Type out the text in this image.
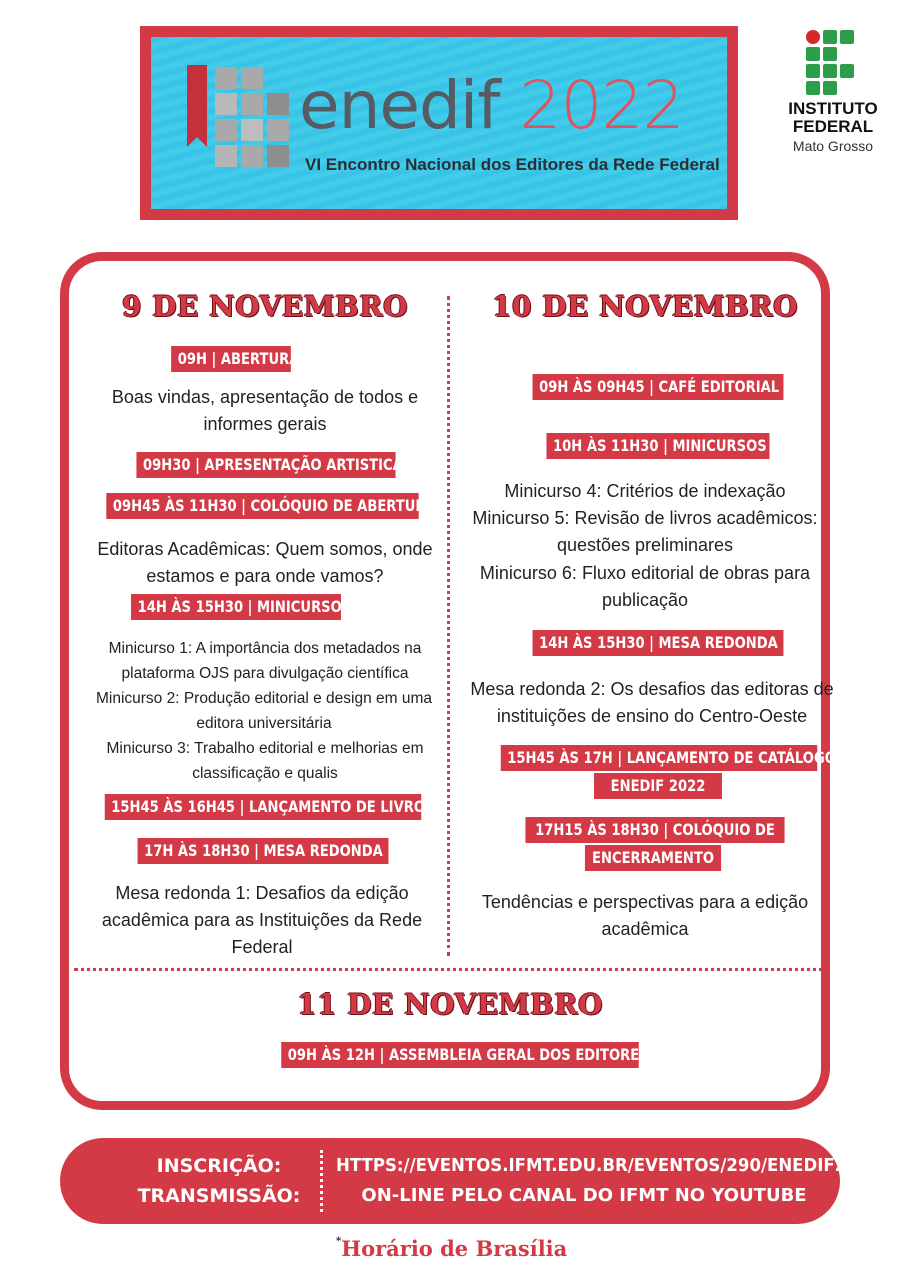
enedif 2022
VI Encontro Nacional dos Editores da Rede Federal
INSTITUTO
FEDERAL
Mato Grosso
9 DE NOVEMBRO
09H | ABERTURA
Boas vindas, apresentação de todos e informes gerais
09H30 | APRESENTAÇÃO ARTISTICA
09H45 ÀS 11H30 | COLÓQUIO DE ABERTURA
Editoras Acadêmicas: Quem somos, onde estamos e para onde vamos?
14H ÀS 15H30 | MINICURSOS
Minicurso 1: A importância dos metadados na plataforma OJS para divulgação científica
Minicurso 2: Produção editorial e design em uma editora universitária
Minicurso 3: Trabalho editorial e melhorias em classificação e qualis
15H45 ÀS 16H45 | LANÇAMENTO DE LIVROS
17H ÀS 18H30 | MESA REDONDA
Mesa redonda 1: Desafios da edição acadêmica para as Instituições da Rede Federal
10 DE NOVEMBRO
09H ÀS 09H45 | CAFÉ EDITORIAL
10H ÀS 11H30 | MINICURSOS
Minicurso 4: Critérios de indexação
Minicurso 5: Revisão de livros acadêmicos: questões preliminares
Minicurso 6: Fluxo editorial de obras para publicação
14H ÀS 15H30 | MESA REDONDA
Mesa redonda 2: Os desafios das editoras de instituições de ensino do Centro-Oeste
15H45 ÀS 17H | LANÇAMENTO DE CATÁLOGO
ENEDIF 2022
17H15 ÀS 18H30 | COLÓQUIO DE
ENCERRAMENTO
Tendências e perspectivas para a edição acadêmica
11 DE NOVEMBRO
09H ÀS 12H | ASSEMBLEIA GERAL DOS EDITORES
INSCRIÇÃO:
TRANSMISSÃO:
HTTPS://EVENTOS.IFMT.EDU.BR/EVENTOS/290/ENEDIF20
ON-LINE PELO CANAL DO IFMT NO YOUTUBE
*Horário de Brasília
